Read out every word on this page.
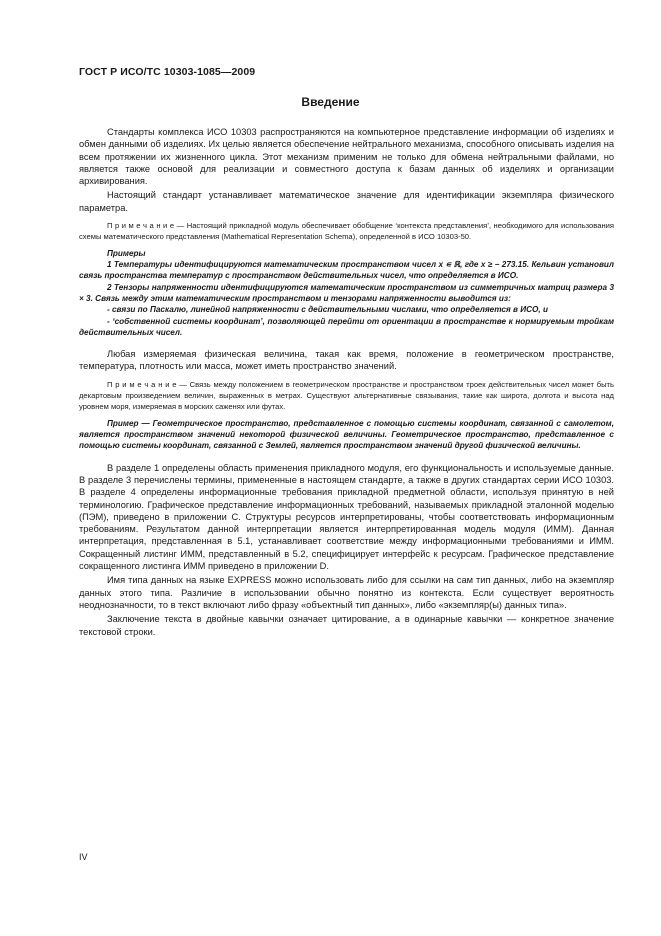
ГОСТ Р ИСО/ТС 10303-1085—2009
Введение

Стандарты комплекса ИСО 10303 распространяются на компьютерное представление информации об изделиях и обмен данными об изделиях. Их целью является обеспечение нейтрального механизма, способного описывать изделия на всем протяжении их жизненного цикла. Этот механизм применим не только для обмена нейтральными файлами, но является также основой для реализации и совместного доступа к базам данных об изделиях и организации архивирования.

Настоящий стандарт устанавливает математическое значение для идентификации экземпляра физического параметра.

П р и м е ч а н и е — Настоящий прикладной модуль обеспечивает обобщение ‘контекста представления’, необходимого для использования схемы математического представления (Mathematical Representation Schema), определенной в ИСО 10303-50.

Примеры

1 Температуры идентифицируются математическим пространством чисел x ∊ ℝ, где x ≥ − 273.15. Кельвин установил связь пространства температур с пространством действительных чисел, что определяется в ИСО.

2 Тензоры напряженности идентифицируются математическим пространством из симметричных матриц размера 3 × 3. Связь между этим математическим пространством и тензорами напряженности выводится из:

- связи по Паскалю, линейной напряженности с действительными числами, что определяется в ИСО, и

- ‘собственной системы координат’, позволяющей перейти от ориентации в пространстве к нормируемым тройкам действительных чисел.

Любая измеряемая физическая величина, такая как время, положение в геометрическом пространстве, температура, плотность или масса, может иметь пространство значений.

П р и м е ч а н и е — Связь между положением в геометрическом пространстве и пространством троек действительных чисел может быть декартовым произведением величин, выраженных в метрах. Существуют альтернативные связывания, такие как широта, долгота и высота над уровнем моря, измеряемая в морских саженях или футах.

Пример — Геометрическое пространство, представленное с помощью системы координат, связанной с самолетом, является пространством значений некоторой физической величины. Геометрическое пространство, представленное с помощью системы координат, связанной с Землей, является пространством значений другой физической величины.

В разделе 1 определены область применения прикладного модуля, его функциональность и используемые данные. В разделе 3 перечислены термины, примененные в настоящем стандарте, а также в других стандартах серии ИСО 10303. В разделе 4 определены информационные требования прикладной предметной области, используя принятую в ней терминологию. Графическое представление информационных требований, называемых прикладной эталонной моделью (ПЭМ), приведено в приложении С. Структуры ресурсов интерпретированы, чтобы соответствовать информационным требованиям. Результатом данной интерпретации является интерпретированная модель модуля (ИММ). Данная интерпретация, представленная в 5.1, устанавливает соответствие между информационными требованиями и ИММ. Сокращенный листинг ИММ, представленный в 5.2, специфицирует интерфейс к ресурсам. Графическое представление сокращенного листинга ИММ приведено в приложении D.

Имя типа данных на языке EXPRESS можно использовать либо для ссылки на сам тип данных, либо на экземпляр данных этого типа. Различие в использовании обычно понятно из контекста. Если существует вероятность неоднозначности, то в текст включают либо фразу «объектный тип данных», либо «экземпляр(ы) данных типа».

Заключение текста в двойные кавычки означает цитирование, а в одинарные кавычки — конкретное значение текстовой строки.

IV
